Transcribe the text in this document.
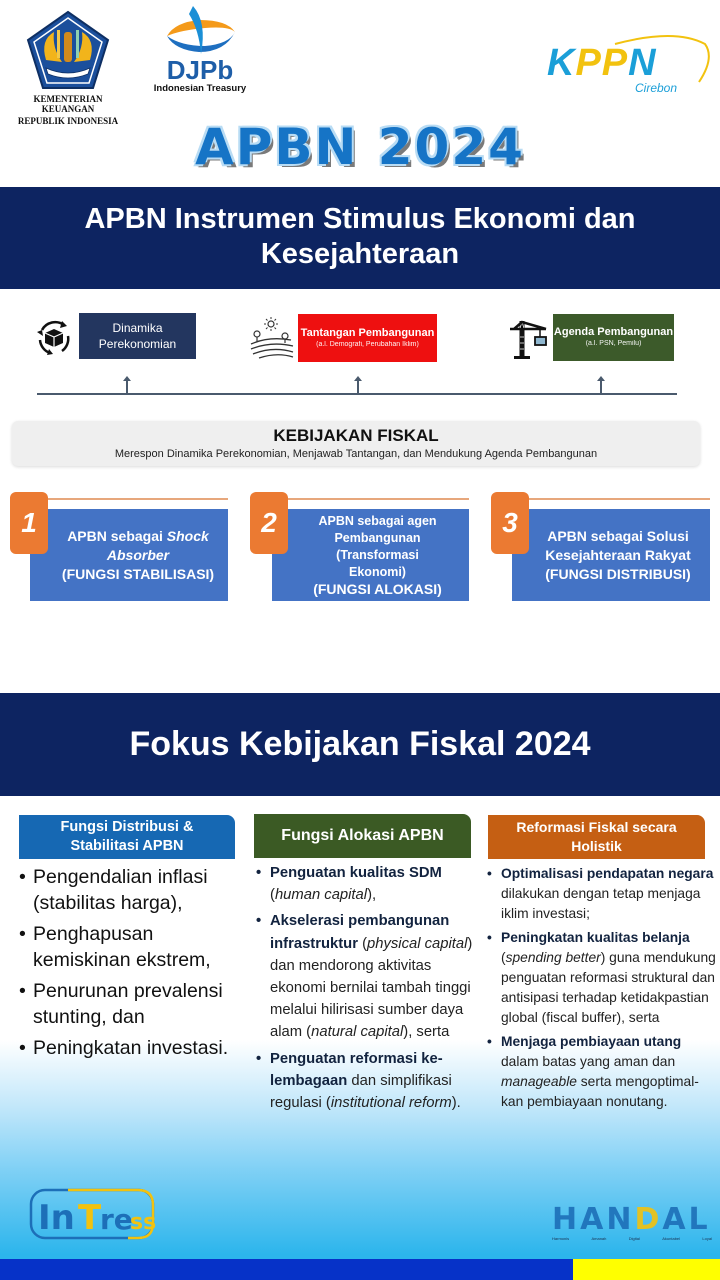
KEMENTERIAN KEUANGAN
REPUBLIK INDONESIA
DJPb
Indonesian Treasury
KPPN
Cirebon
APBN 2024
APBN Instrumen Stimulus Ekonomi dan Kesejahteraan
Dinamika
Perekonomian
Tantangan Pembangunan
(a.l. Demografi, Perubahan Iklim)
Agenda Pembangunan
(a.l. PSN, Pemilu)
KEBIJAKAN FISKAL
Merespon Dinamika Perekonomian, Menjawab Tantangan, dan Mendukung Agenda Pembangunan
APBN sebagai Shock
Absorber
(FUNGSI STABILISASI)
1	APBN sebagai agen
Pembangunan (Transformasi
Ekonomi)
(FUNGSI ALOKASI)
2	APBN sebagai Solusi
Kesejahteraan Rakyat
(FUNGSI DISTRIBUSI)
3
Fokus Kebijakan Fiskal 2024
Fungsi Distribusi &
Stabilitasi APBN
• Pengendalian inflasi (stabilitas harga),
• Penghapusan kemiskinan ekstrem,
• Penurunan prevalensi stunting, dan
• Peningkatan investasi.
Fungsi Alokasi APBN
• Penguatan kualitas SDM (human capital),
• Akselerasi pembangunan infrastruktur (physical capital) dan mendorong aktivitas ekonomi bernilai tambah tinggi melalui hilirisasi sumber daya alam (natural capital), serta
• Penguatan reformasi ke-lembagaan dan simplifikasi regulasi (institutional reform).
Reformasi Fiskal secara
Holistik
• Optimalisasi pendapatan negara dilakukan dengan tetap menjaga iklim investasi;
• Peningkatan kualitas belanja (spending better) guna mendukung penguatan reformasi struktural dan antisipasi terhadap ketidakpastian global (fiscal buffer), serta
• Menjaga pembiayaan utang dalam batas yang aman dan manageable serta mengoptimal-kan pembiayaan nonutang.
In T
re
ss	HANDAL
Harmonis	Amanah	Digital	Akuntabel	Loyal
